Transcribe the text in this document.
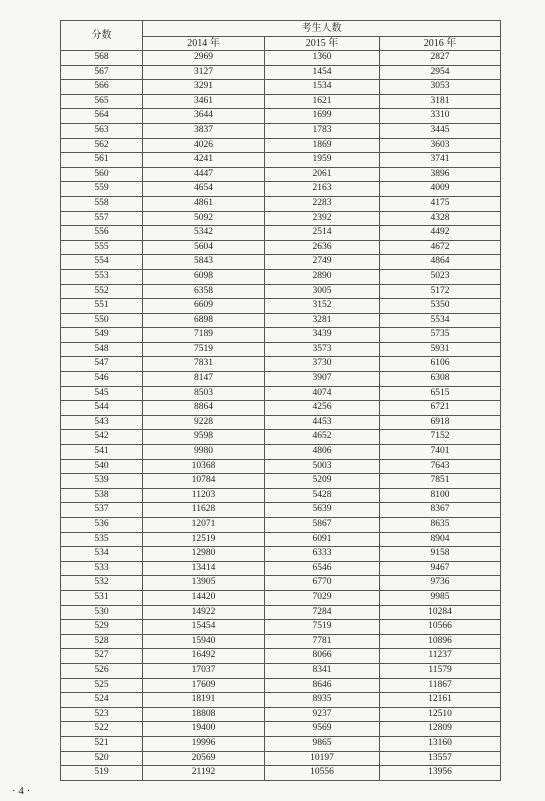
分数	考生人数		
	2014 年	2015 年	2016 年
568	2969	1360	2827
567	3127	1454	2954
566	3291	1534	3053
565	3461	1621	3181
564	3644	1699	3310
563	3837	1783	3445
562	4026	1869	3603
561	4241	1959	3741
560	4447	2061	3896
559	4654	2163	4009
558	4861	2283	4175
557	5092	2392	4328
556	5342	2514	4492
555	5604	2636	4672
554	5843	2749	4864
553	6098	2890	5023
552	6358	3005	5172
551	6609	3152	5350
550	6898	3281	5534
549	7189	3439	5735
548	7519	3573	5931
547	7831	3730	6106
546	8147	3907	6308
545	8503	4074	6515
544	8864	4256	6721
543	9228	4453	6918
542	9598	4652	7152
541	9980	4806	7401
540	10368	5003	7643
539	10784	5209	7851
538	11203	5428	8100
537	11628	5639	8367
536	12071	5867	8635
535	12519	6091	8904
534	12980	6333	9158
533	13414	6546	9467
532	13905	6770	9736
531	14420	7029	9985
530	14922	7284	10284
529	15454	7519	10566
528	15940	7781	10896
527	16492	8066	11237
526	17037	8341	11579
525	17609	8646	11867
524	18191	8935	12161
523	18808	9237	12510
522	19400	9569	12809
521	19996	9865	13160
520	20569	10197	13557
519	21192	10556	13956
· 4 ·
